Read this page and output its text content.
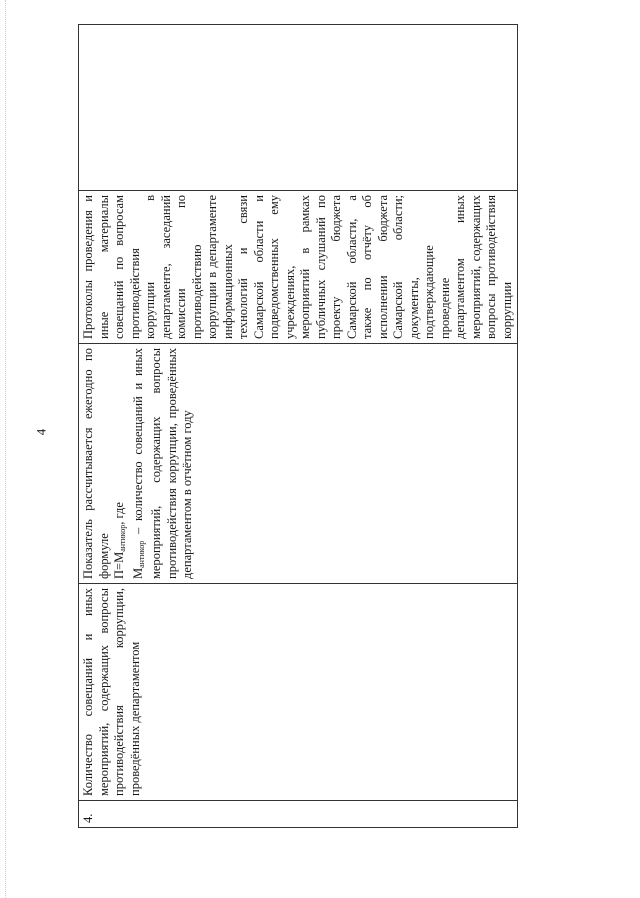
4
4.	Количество совещаний и иных мероприятий, содержащих вопросы противодействия коррупции, проведённых департаментом	Показатель рассчитывается ежегодно по формуле $П=М_{антикор}$, где
$М_{антикор}$ – количество совещаний и иных мероприятий, содержащих вопросы противодействия коррупции, проведённых департаментом в отчётном году	Протоколы проведения и иные материалы совещаний по вопросам противодействия коррупции в департаменте, заседаний комиссии по противодействию коррупции в департаменте информационных технологий и связи Самарской области и подведомственных ему учреждениях, мероприятий в рамках публичных слушаний по проекту бюджета Самарской области, а также по отчёту об исполнении бюджета Самарской области; документы, подтверждающие проведение департаментом иных мероприятий, содержащих вопросы противодействия коррупции	
